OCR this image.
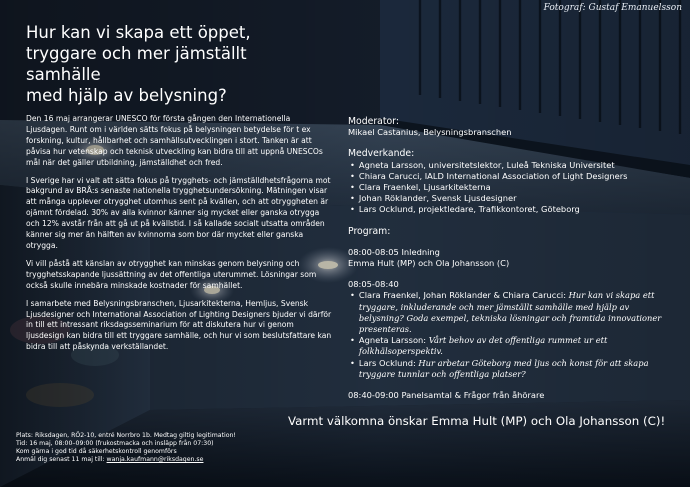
Fotograf: Gustaf Emanuelsson
Hur kan vi skapa ett öppet,
tryggare och mer jämställt samhälle
med hjälp av belysning?

Den 16 maj arrangerar UNESCO för första gången den Internationella Ljusdagen. Runt om i världen sätts fokus på belysningen betydelse för t ex forskning, kultur, hållbarhet och samhällsutvecklingen i stort. Tanken är att påvisa hur vetenskap och teknisk utveckling kan bidra till att uppnå UNESCOs mål när det gäller utbildning, jämställdhet och fred.

I Sverige har vi valt att sätta fokus på trygghets- och jämställdhetsfrågorna mot bakgrund av BRÅ:s senaste nationella trygghetsundersökning. Mätningen visar att många upplever otrygghet utomhus sent på kvällen, och att otryggheten är ojämnt fördelad. 30% av alla kvinnor känner sig mycket eller ganska otrygga och 12% avstår från att gå ut på kvällstid. I så kallade socialt utsatta områden känner sig mer än hälften av kvinnorna som bor där mycket eller ganska otrygga.

Vi vill påstå att känslan av otrygghet kan minskas genom belysning och trygghetsskapande ljussättning av det offentliga uterummet. Lösningar som också skulle innebära minskade kostnader för samhället.

I samarbete med Belysningsbranschen, Ljusarkitekterna, Hemljus, Svensk Ljusdesigner och International Association of Lighting Designers bjuder vi därför in till ett intressant riksdagsseminarium för att diskutera hur vi genom ljusdesign kan bidra till ett tryggare samhälle, och hur vi som beslutsfattare kan bidra till att påskynda verkställandet.

Plats: Riksdagen, RÖ2-10, entré Norrbro 1b. Medtag giltig legitimation!
Tid: 16 maj, 08:00–09:00 (frukostmacka och insläpp från 07:30)
Kom gärna i god tid då säkerhetskontroll genomförs
Anmäl dig senast 11 maj till: wanja.kaufmann@riksdagen.se
Moderator:
Mikael Castanius, Belysningsbranschen
Medverkande:
• Agneta Larsson, universitetslektor, Luleå Tekniska Universitet
• Chiara Carucci, IALD International Association of Light Designers
• Clara Fraenkel, Ljusarkitekterna
• Johan Röklander, Svensk Ljusdesigner
• Lars Ocklund, projektledare, Trafikkontoret, Göteborg
Program:
08:00-08:05 Inledning
Emma Hult (MP) och Ola Johansson (C)
08:05-08:40
• Clara Fraenkel, Johan Röklander & Chiara Carucci: Hur kan vi skapa ett tryggare, inkluderande och mer jämställt samhälle med hjälp av belysning? Goda exempel, tekniska lösningar och framtida innovationer presenteras.
• Agneta Larsson: Vårt behov av det offentliga rummet ur ett folkhälsoperspektiv.
• Lars Ocklund: Hur arbetar Göteborg med ljus och konst för att skapa tryggare tunnlar och offentliga platser?
08:40-09:00 Panelsamtal & Frågor från åhörare
Varmt välkomna önskar Emma Hult (MP) och Ola Johansson (C)!
